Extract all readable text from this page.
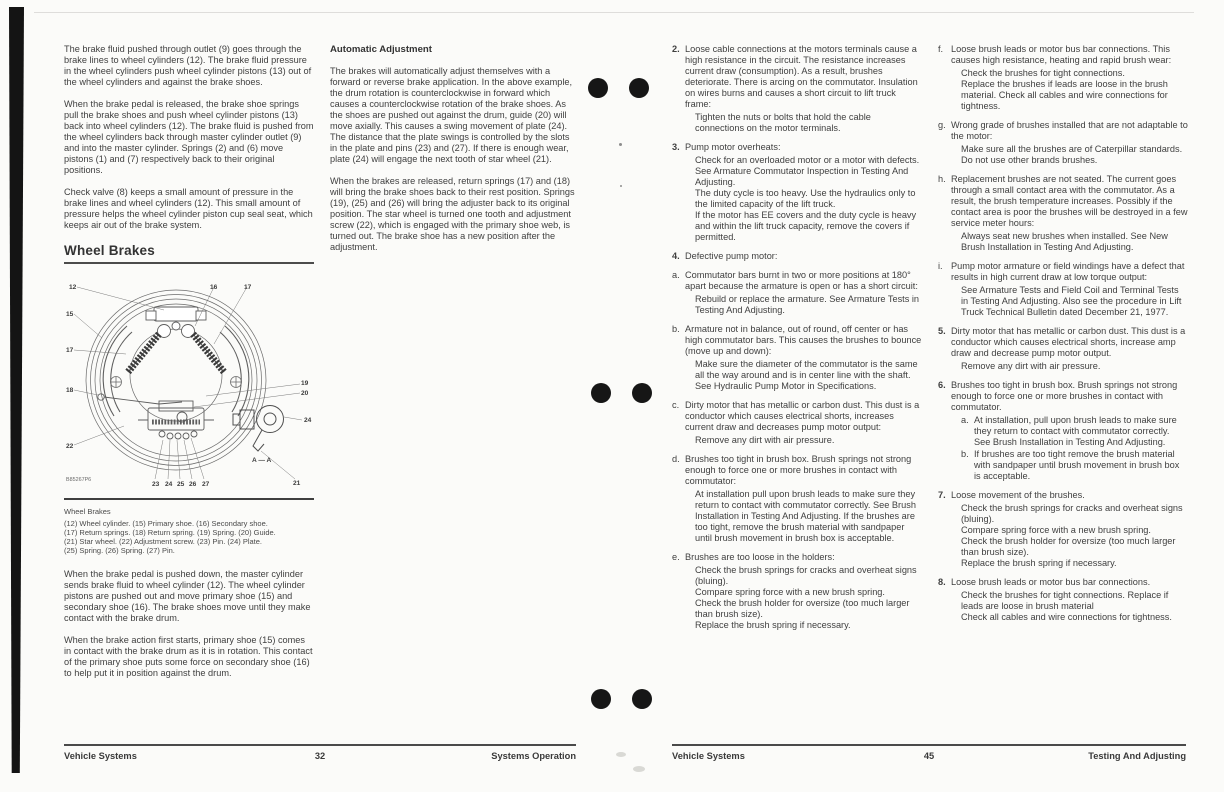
The brake fluid pushed through outlet (9) goes through the brake lines to wheel cylinders (12). The brake fluid pressure in the wheel cylinders push wheel cylinder pistons (13) out of the wheel cylinders and against the brake shoes.

When the brake pedal is released, the brake shoe springs pull the brake shoes and push wheel cylinder pistons (13) back into wheel cylinders (12). The brake fluid is pushed from the wheel cylinders back through master cylinder outlet (9) and into the master cylinder. Springs (2) and (6) move pistons (1) and (7) respectively back to their original positions.

Check valve (8) keeps a small amount of pressure in the brake lines and wheel cylinders (12). This small amount of pressure helps the wheel cylinder piston cup seal seat, which keeps air out of the brake system.

Wheel Brakes
12	16	17
15
17
18
22
19
20
24
21
23 24 25 26 27
A — A
B85267P6
Wheel Brakes
(12) Wheel cylinder. (15) Primary shoe. (16) Secondary shoe.
(17) Return springs. (18) Return spring. (19) Spring. (20) Guide.
(21) Star wheel. (22) Adjustment screw. (23) Pin. (24) Plate.
(25) Spring. (26) Spring. (27) Pin.

When the brake pedal is pushed down, the master cylinder sends brake fluid to wheel cylinder (12). The wheel cylinder pistons are pushed out and move primary shoe (15) and secondary shoe (16). The brake shoes move until they make contact with the brake drum.

When the brake action first starts, primary shoe (15) comes in contact with the brake drum as it is in rotation. This contact of the primary shoe puts some force on secondary shoe (16) to help put it in position against the drum.

Automatic Adjustment

The brakes will automatically adjust themselves with a forward or reverse brake application. In the above example, the drum rotation is counterclockwise in forward which causes a counterclockwise rotation of the brake shoes. As the shoes are pushed out against the drum, guide (20) will move axially. This causes a swing movement of plate (24). The distance that the plate swings is controlled by the slots in the plate and pins (23) and (27). If there is enough wear, plate (24) will engage the next tooth of star wheel (21).

When the brakes are released, return springs (17) and (18) will bring the brake shoes back to their rest position. Springs (19), (25) and (26) will bring the adjuster back to its original position. The star wheel is turned one tooth and adjustment screw (22), which is engaged with the primary shoe web, is turned out. The brake shoe has a new position after the adjustment.

Vehicle Systems	32	Systems Operation
2. Loose cable connections at the motors terminals cause a high resistance in the circuit. The resistance increases current draw (consumption). As a result, brushes deteriorate. There is arcing on the commutator. Insulation on wires burns and causes a short circuit to lift truck frame:

Tighten the nuts or bolts that hold the cable connections on the motor terminals.

3. Pump motor overheats:

Check for an overloaded motor or a motor with defects. See Armature Commutator Inspection in Testing And Adjusting.

The duty cycle is too heavy. Use the hydraulics only to the limited capacity of the lift truck.

If the motor has EE covers and the duty cycle is heavy and within the lift truck capacity, remove the covers if permitted.

4. Defective pump motor:

a. Commutator bars burnt in two or more positions at 180° apart because the armature is open or has a short circuit:

Rebuild or replace the armature. See Armature Tests in Testing And Adjusting.

b. Armature not in balance, out of round, off center or has high commutator bars. This causes the brushes to bounce (move up and down):

Make sure the diameter of the commutator is the same all the way around and is in center line with the shaft. See Hydraulic Pump Motor in Specifications.

c. Dirty motor that has metallic or carbon dust. This dust is a conductor which causes electrical shorts, increases current draw and decreases pump motor output:

Remove any dirt with air pressure.

d. Brushes too tight in brush box. Brush springs not strong enough to force one or more brushes in contact with commutator:

At installation pull upon brush leads to make sure they return to contact with commutator correctly. See Brush Installation in Testing And Adjusting. If the brushes are too tight, remove the brush material with sandpaper until brush movement in brush box is acceptable.

e. Brushes are too loose in the holders:

Check the brush springs for cracks and overheat signs (bluing).

Compare spring force with a new brush spring.

Check the brush holder for oversize (too much larger than brush size).

Replace the brush spring if necessary.

f. Loose brush leads or motor bus bar connections. This causes high resistance, heating and rapid brush wear:

Check the brushes for tight connections.

Replace the brushes if leads are loose in the brush material. Check all cables and wire connections for tightness.

g. Wrong grade of brushes installed that are not adaptable to the motor:

Make sure all the brushes are of Caterpillar standards. Do not use other brands brushes.

h. Replacement brushes are not seated. The current goes through a small contact area with the commutator. As a result, the brush temperature increases. Possibly if the contact area is poor the brushes will be destroyed in a few service meter hours:

Always seat new brushes when installed. See New Brush Installation in Testing And Adjusting.

i. Pump motor armature or field windings have a defect that results in high current draw at low torque output:

See Armature Tests and Field Coil and Terminal Tests in Testing And Adjusting. Also see the procedure in Lift Truck Technical Bulletin dated December 21, 1977.

5. Dirty motor that has metallic or carbon dust. This dust is a conductor which causes electrical shorts, increase amp draw and decrease pump motor output.

Remove any dirt with air pressure.

6. Brushes too tight in brush box. Brush springs not strong enough to force one or more brushes in contact with commutator.

a. At installation, pull upon brush leads to make sure they return to contact with commutator correctly. See Brush Installation in Testing And Adjusting.

b. If brushes are too tight remove the brush material with sandpaper until brush movement in brush box is acceptable.

7. Loose movement of the brushes.

Check the brush springs for cracks and overheat signs (bluing).

Compare spring force with a new brush spring.

Check the brush holder for oversize (too much larger than brush size).

Replace the brush spring if necessary.

8. Loose brush leads or motor bus bar connections.

Check the brushes for tight connections. Replace if leads are loose in brush material

Check all cables and wire connections for tightness.

Vehicle Systems	45	Testing And Adjusting
